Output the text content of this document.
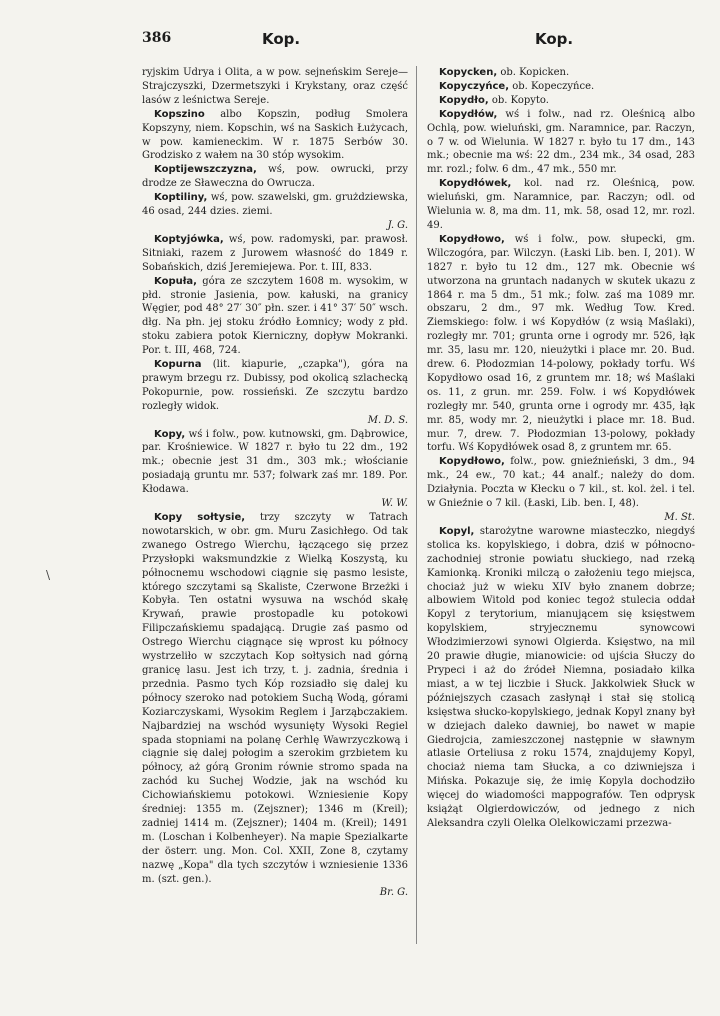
386	Kop.	Kop.
\

ryjskim Udrya i Olita, a w pow. sejneńskim Sereje—Strajczyszki, Dzermetszyki i Krykstany, oraz część lasów z leśnictwa Sereje.

Kopszino albo Kopszin, podług Smolera Kopszyny, niem. Kopschin, wś na Saskich Łużycach, w pow. kamieneckim. W r. 1875 Serbów 30. Grodzisko z wałem na 30 stóp wysokim.

Koptijewszczyzna, wś, pow. owrucki, przy drodze ze Sławeczna do Owrucza.

Koptiliny, wś, pow. szawelski, gm. grużdziewska, 46 osad, 244 dzies. ziemi.
J. G.

Koptyjówka, wś, pow. radomyski, par. prawosł. Sitniaki, razem z Jurowem własność do 1849 r. Sobańskich, dziś Jeremiejewa. Por. t. III, 833.

Kopuła, góra ze szczytem 1608 m. wysokim, w płd. stronie Jasienia, pow. kałuski, na granicy Węgier, pod 48° 27′ 30″ płn. szer. i 41° 37′ 50″ wsch. dłg. Na płn. jej stoku źródło Łomnicy; wody z płd. stoku zabiera potok Kierniczny, dopływ Mokranki. Por. t. III, 468, 724.

Kopurna (lit. kiapurie, „czapka"), góra na prawym brzegu rz. Dubissy, pod okolicą szlachecką Pokopurnie, pow. rossieński. Ze szczytu bardzo rozległy widok.
M. D. S.

Kopy, wś i folw., pow. kutnowski, gm. Dąbrowice, par. Krośniewice. W 1827 r. było tu 22 dm., 192 mk.; obecnie jest 31 dm., 303 mk.; włościanie posiadają gruntu mr. 537; folwark zaś mr. 189. Por. Kłodawa.
W. W.

Kopy sołtysie, trzy szczyty w Tatrach nowotarskich, w obr. gm. Muru Zasichłego. Od tak zwanego Ostrego Wierchu, łączącego się przez Przysłopki waksmundzkie z Wielką Koszystą, ku północnemu wschodowi ciągnie się pasmo lesiste, którego szczytami są Skaliste, Czerwone Brzeżki i Kobyła. Ten ostatni wysuwa na wschód skałę Krywań, prawie prostopadle ku potokowi Filipczańskiemu spadającą. Drugie zaś pasmo od Ostrego Wierchu ciągnące się wprost ku północy wystrzeliło w szczytach Kop sołtysich nad górną granicę lasu. Jest ich trzy, t. j. zadnia, średnia i przednia. Pasmo tych Kóp rozsiadło się dalej ku północy szeroko nad potokiem Suchą Wodą, górami Koziarczyskami, Wysokim Reglem i Jarząbczakiem. Najbardziej na wschód wysunięty Wysoki Regiel spada stopniami na polanę Cerhlę Wawrzyczkową i ciągnie się dalej połogim a szerokim grzbietem ku północy, aż górą Gronim równie stromo spada na zachód ku Suchej Wodzie, jak na wschód ku Cichowiańskiemu potokowi. Wzniesienie Kopy średniej: 1355 m. (Zejszner); 1346 m (Kreil); zadniej 1414 m. (Zejszner); 1404 m. (Kreil); 1491 m. (Loschan i Kolbenheyer). Na mapie Spezialkarte der österr. ung. Mon. Col. XXII, Zone 8, czytamy nazwę „Kopa" dla tych szczytów i wzniesienie 1336 m. (szt. gen.).
Br. G.

Kopycken, ob. Kopicken.

Kopyczyńce, ob. Kopeczyńce.

Kopydło, ob. Kopyto.

Kopydłów, wś i folw., nad rz. Oleśnicą albo Ochlą, pow. wieluński, gm. Naramnice, par. Raczyn, o 7 w. od Wielunia. W 1827 r. było tu 17 dm., 143 mk.; obecnie ma wś: 22 dm., 234 mk., 34 osad, 283 mr. rozl.; folw. 6 dm., 47 mk., 550 mr.

Kopydłówek, kol. nad rz. Oleśnicą, pow. wieluński, gm. Naramnice, par. Raczyn; odl. od Wielunia w. 8, ma dm. 11, mk. 58, osad 12, mr. rozl. 49.

Kopydłowo, wś i folw., pow. słupecki, gm. Wilczogóra, par. Wilczyn. (Łaski Lib. ben. I, 201). W 1827 r. było tu 12 dm., 127 mk. Obecnie wś utworzona na gruntach nadanych w skutek ukazu z 1864 r. ma 5 dm., 51 mk.; folw. zaś ma 1089 mr. obszaru, 2 dm., 97 mk. Według Tow. Kred. Ziemskiego: folw. i wś Kopydłów (z wsią Maślaki), rozległy mr. 701; grunta orne i ogrody mr. 526, łąk mr. 35, lasu mr. 120, nieużytki i place mr. 20. Bud. drew. 6. Płodozmian 14-polowy, pokłady torfu. Wś Kopydłowo osad 16, z gruntem mr. 18; wś Maślaki os. 11, z grun. mr. 259. Folw. i wś Kopydłówek rozległy mr. 540, grunta orne i ogrody mr. 435, łąk mr. 85, wody mr. 2, nieużytki i place mr. 18. Bud. mur. 7, drew. 7. Płodozmian 13-polowy, pokłady torfu. Wś Kopydłówek osad 8, z gruntem mr. 65.

Kopydłowo, folw., pow. gnieźnieński, 3 dm., 94 mk., 24 ew., 70 kat.; 44 analf.; należy do dom. Działynia. Poczta w Kłecku o 7 kil., st. kol. żel. i tel. w Gnieźnie o 7 kil. (Łaski, Lib. ben. I, 48).
M. St.

Kopyl, starożytne warowne miasteczko, niegdyś stolica ks. kopylskiego, i dobra, dziś w północno-zachodniej stronie powiatu słuckiego, nad rzeką Kamionką. Kroniki milczą o założeniu tego miejsca, chociaż już w wieku XIV było znanem dobrze; albowiem Witold pod koniec tegoż stulecia oddał Kopyl z terytorium, mianującem się księstwem kopylskiem, stryjecznemu synowcowi Włodzimierzowi synowi Olgierda. Księstwo, na mil 20 prawie długie, mianowicie: od ujścia Słuczy do Prypeci i aż do źródeł Niemna, posiadało kilka miast, a w tej liczbie i Słuck. Jakkolwiek Słuck w późniejszych czasach zasłynął i stał się stolicą księstwa słucko-kopylskiego, jednak Kopyl znany był w dziejach daleko dawniej, bo nawet w mapie Giedrojcia, zamieszczonej następnie w sławnym atlasie Orteliusa z roku 1574, znajdujemy Kopyl, chociaż niema tam Słucka, a co dziwniejsza i Mińska. Pokazuje się, że imię Kopyla dochodziło więcej do wiadomości mappografów. Ten odprysk książąt Olgierdowiczów, od jednego z nich Aleksandra czyli Olelka Olelkowiczami przezwa-
